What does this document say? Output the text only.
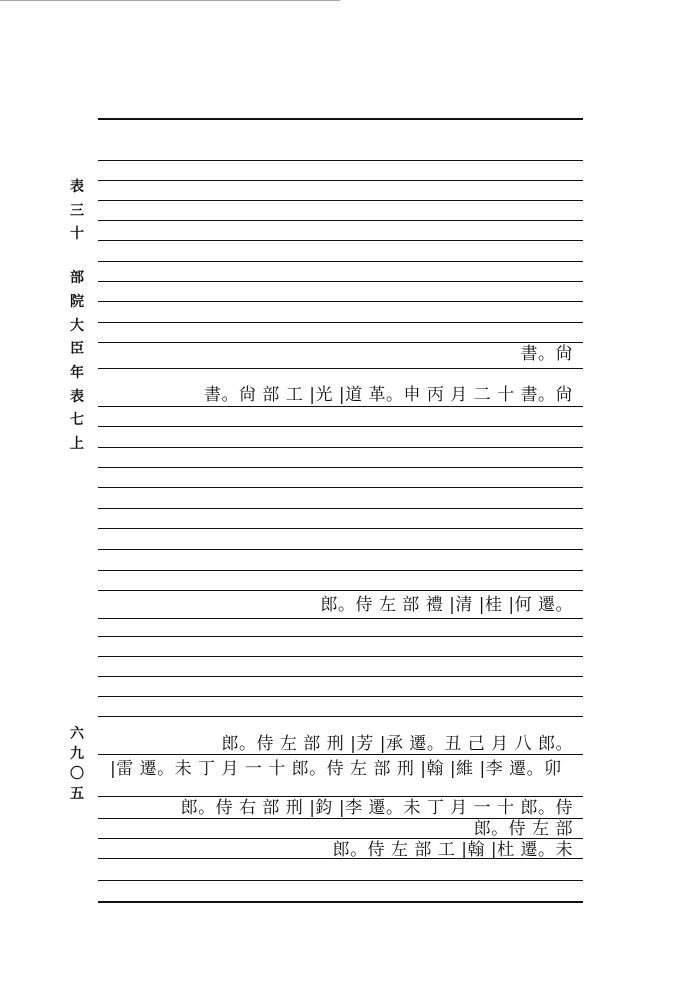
表
三
十
部
院
大
臣
年
表
七
上
六
九
〇
五
書。尙
書。尙 部 工 |光 |道 革。申 丙 月 二 十 書。尙
郎。侍 左 部 禮 |清 |桂 |何 遷。
郎。侍 左 部 刑 |芳 |承 遷。丑 己 月 八 郎。
|雷 遷。未 丁 月 一 十 郎。侍 左 部 刑 |翰 |維 |李 遷。卯
郎。侍 右 部 刑 |鈞 |李 遷。未 丁 月 一 十 郎。侍
郎。侍 左 部
郎。侍 左 部 工 |翰 |杜 遷。未
